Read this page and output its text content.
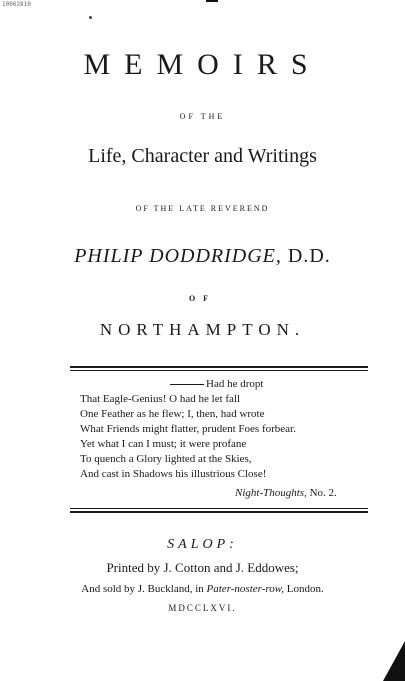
10062810
MEMOIRS
OF THE
Life, Character and Writings
OF THE LATE REVEREND
PHILIP DODDRIDGE, D.D.
OF
NORTHAMPTON.
Had he dropt
That Eagle-Genius! O had he let fall
One Feather as he flew; I, then, had wrote
What Friends might flatter, prudent Foes forbear.
Yet what I can I must; it were profane
To quench a Glory lighted at the Skies,
And cast in Shadows his illustrious Close!
Night-Thoughts, No. 2.
SALOP:
Printed by J. Cotton and J. Eddowes;
And sold by J. Buckland, in Pater-noster-row, London.
MDCCLXVI.
